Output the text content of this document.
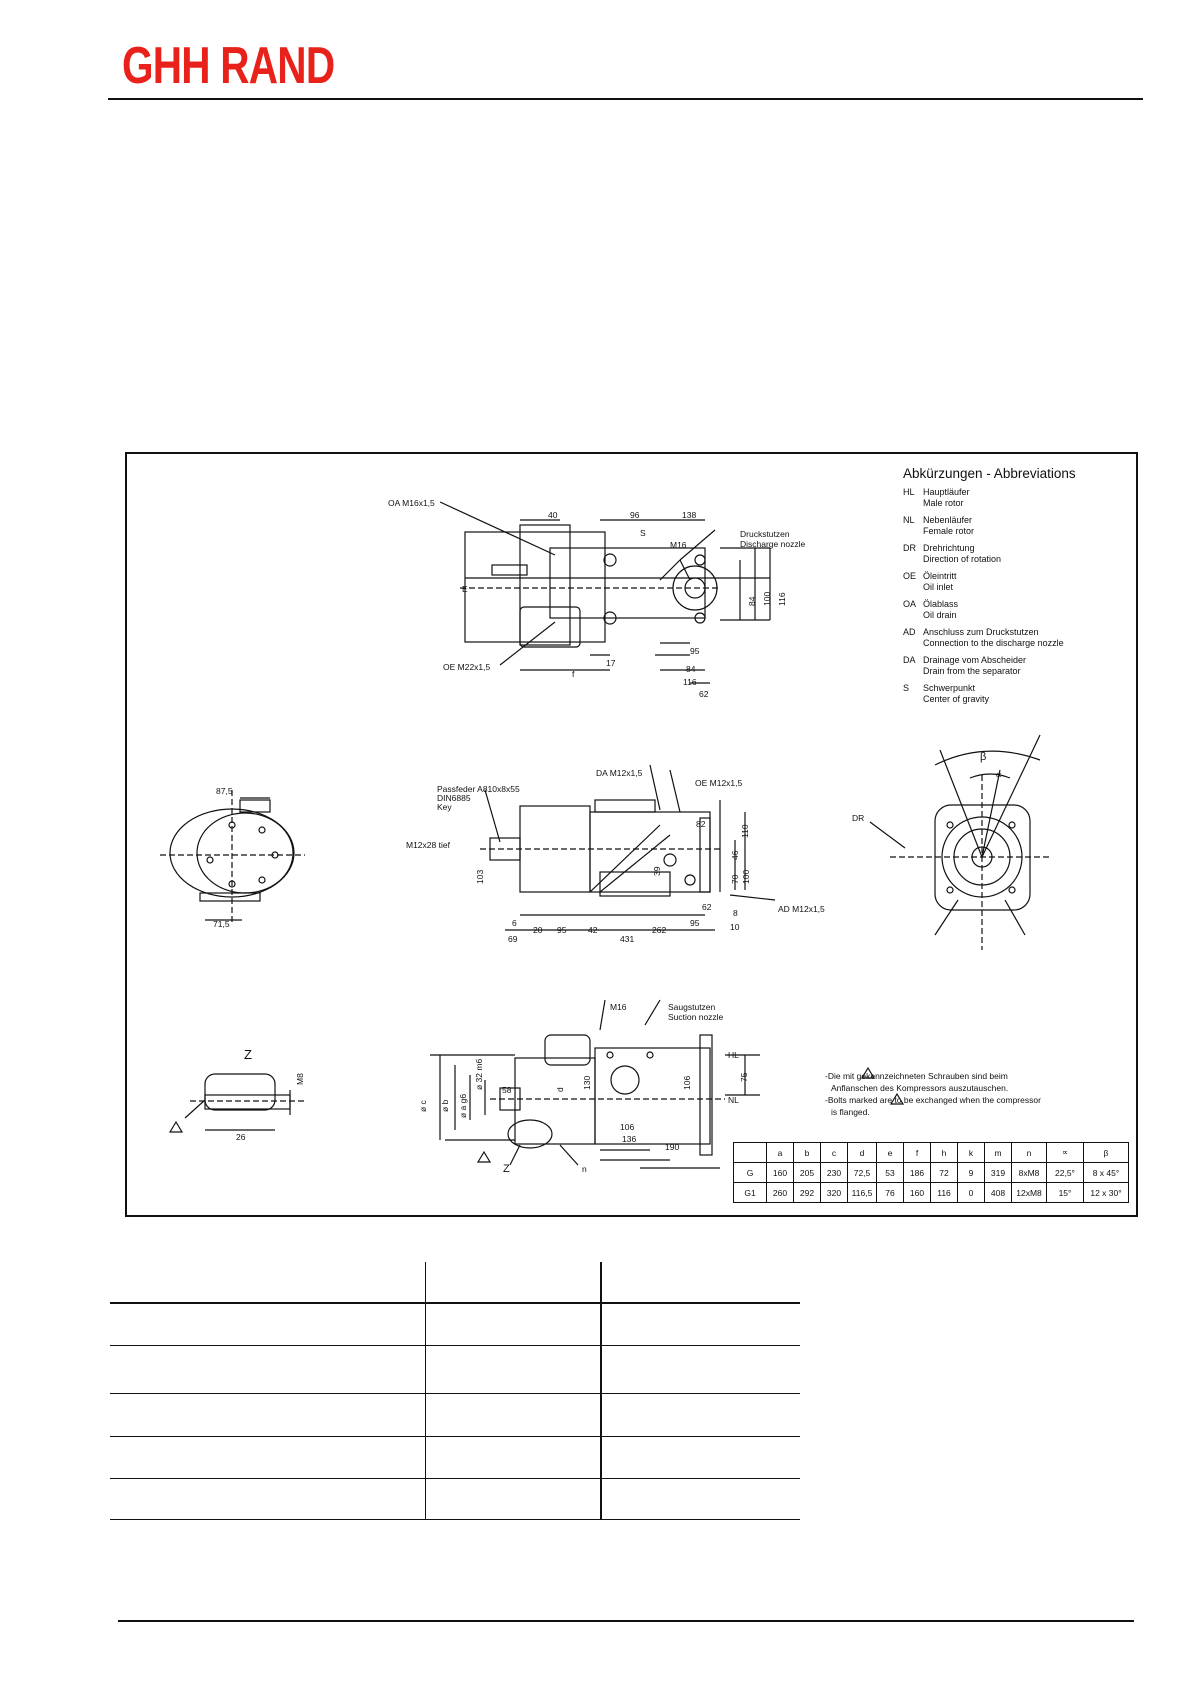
GHH RAND
OA M16x1,5
OE M22x1,5
Druckstutzen
Discharge nozzle
S
M16
E
f
40	96	138
84 100 116
95
17
84
116
62
Passfeder A810x8x55
DIN6885
Key
M12x28 tief
DA M12x1,5
OE M12x1,5
AD M12x1,5
82
110
46
70 100
39
103
62
8
6
20 95	42	262
95	10
69	431
87,5
71,5
DR
β
∝
Z
M8
26
Saugstutzen
Suction nozzle
M16
HL
NL
n
Z
ø c ø b ø a g6
ø 32 m6 58	d 130	106
106
136
190
75
Abkürzungen - Abbreviations
HL Hauptläufer
Male rotor
NL Nebenläufer
Female rotor
DR Drehrichtung
Direction of rotation
OE Öleintritt
Oil inlet
OA Ölablass
Oil drain
AD Anschluss zum Druckstutzen
Connection to the discharge nozzle
DA Drainage vom Abscheider
Drain from the separator
S	Schwerpunkt
Center of gravity
-Die mit gekennzeichneten Schrauben sind beim
Anflanschen des Kompressors auszutauschen.
-Bolts marked are to be exchanged when the compressor
is flanged.
	a	b	c	d	e	f	h	k	m	n	∝	β
G	160	205	230	72,5	53	186	72	9	319	8xM8	22,5°	8 x 45°
G1	260	292	320	116,5	76	160	116	0	408	12xM8	15°	12 x 30°
